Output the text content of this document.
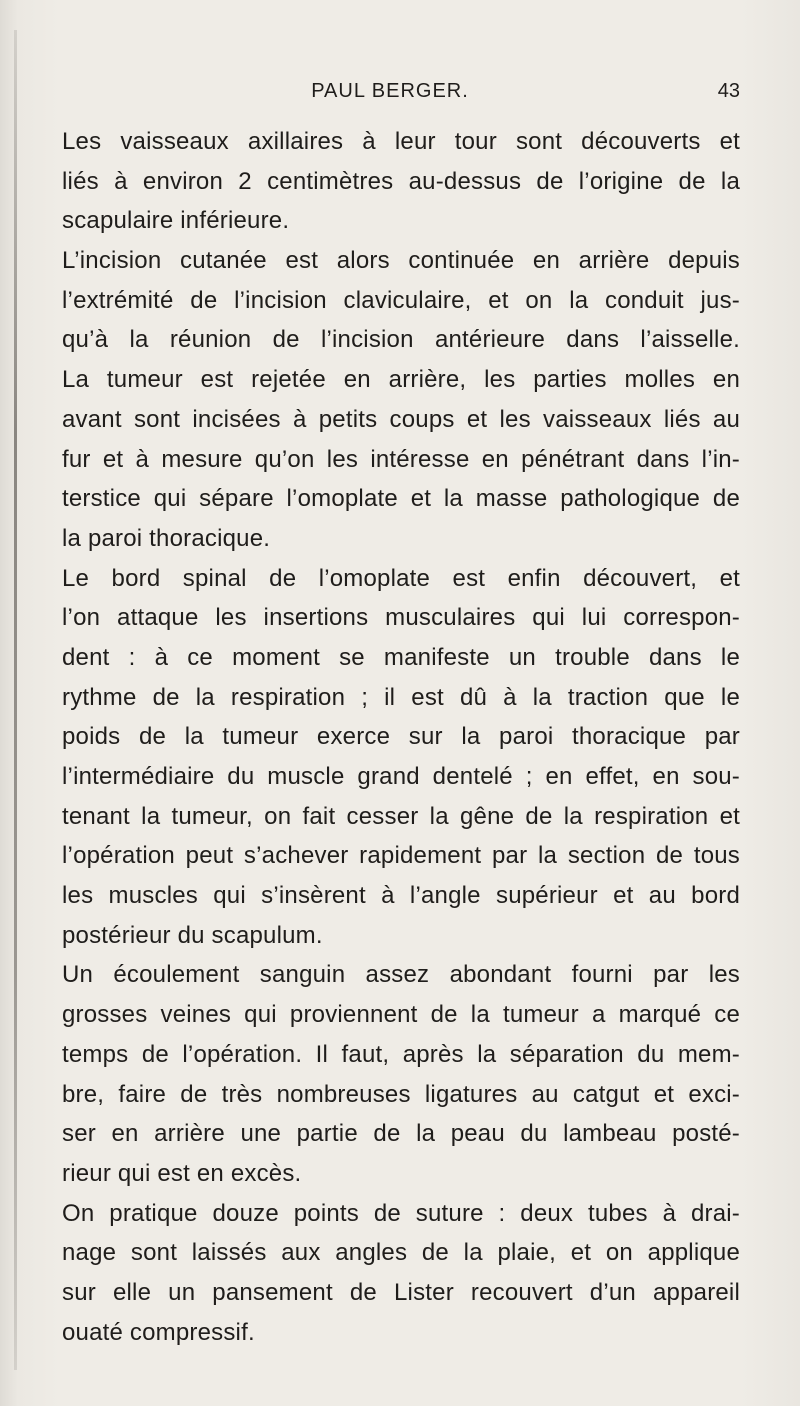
PAUL BERGER.	43
Les vaisseaux axillaires à leur tour sont découverts et
liés à environ 2 centimètres au-dessus de l’origine de la
scapulaire inférieure.
L’incision cutanée est alors continuée en arrière depuis
l’extrémité de l’incision claviculaire, et on la conduit jus-
qu’à la réunion de l’incision antérieure dans l’aisselle.
La tumeur est rejetée en arrière, les parties molles en
avant sont incisées à petits coups et les vaisseaux liés au
fur et à mesure qu’on les intéresse en pénétrant dans l’in-
terstice qui sépare l’omoplate et la masse pathologique de
la paroi thoracique.
Le bord spinal de l’omoplate est enfin découvert, et
l’on attaque les insertions musculaires qui lui correspon-
dent : à ce moment se manifeste un trouble dans le
rythme de la respiration ; il est dû à la traction que le
poids de la tumeur exerce sur la paroi thoracique par
l’intermédiaire du muscle grand dentelé ; en effet, en sou-
tenant la tumeur, on fait cesser la gêne de la respiration et
l’opération peut s’achever rapidement par la section de tous
les muscles qui s’insèrent à l’angle supérieur et au bord
postérieur du scapulum.
Un écoulement sanguin assez abondant fourni par les
grosses veines qui proviennent de la tumeur a marqué ce
temps de l’opération. Il faut, après la séparation du mem-
bre, faire de très nombreuses ligatures au catgut et exci-
ser en arrière une partie de la peau du lambeau posté-
rieur qui est en excès.
On pratique douze points de suture : deux tubes à drai-
nage sont laissés aux angles de la plaie, et on applique
sur elle un pansement de Lister recouvert d’un appareil
ouaté compressif.
